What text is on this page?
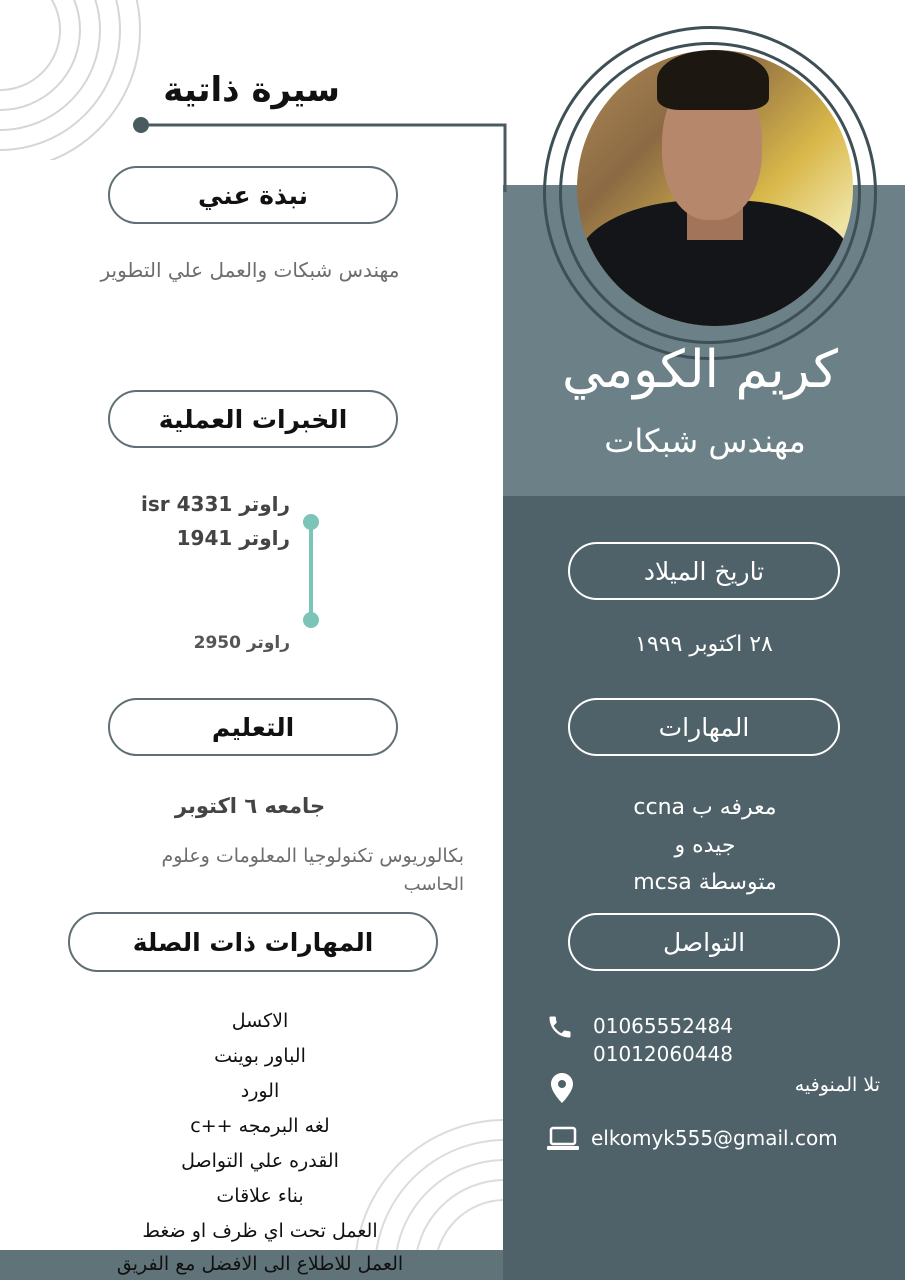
سيرة ذاتية
كريم الكومي
مهندس شبكات
نبذة عني
مهندس شبكات والعمل علي التطوير
الخبرات العملية
راوتر isr 4331
راوتر 1941
راوتر 2950
التعليم
جامعه ٦ اكتوبر
بكالوريوس تكنولوجيا المعلومات وعلوم
الحاسب
المهارات ذات الصلة
الاكسل
الباور بوينت
الورد
لغه البرمجه ++c
القدره علي التواصل
بناء علاقات
العمل تحت اي ظرف او ضغط
العمل للاطلاع الى الافضل مع الفريق
تاريخ الميلاد
٢٨ اكتوبر ١٩٩٩
المهارات
معرفه ب ccna
جيده و
متوسطة mcsa
التواصل
01065552484
01012060448
تلا المنوفيه
elkomyk555@gmail.com
